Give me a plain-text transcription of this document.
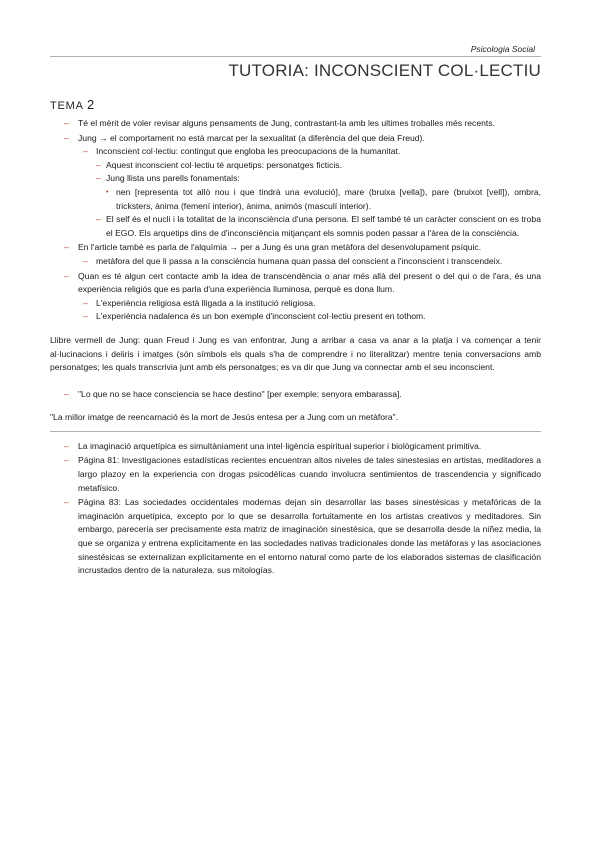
Psicologia Social
TUTORIA: INCONSCIENT COL·LECTIU
TEMA 2
– Té el mèrit de voler revisar alguns pensaments de Jung, contrastant-la amb les ultimes troballes més recents.
– Jung → el comportament no està marcat per la sexualitat (a diferència del que deia Freud).
– Inconscient col·lectiu: contingut que engloba les preocupacions de la humanitat.
– Aquest inconscient col·lectiu té arquetips: personatges ficticis.
– Jung llista uns parells fonamentals:
• nen [representa tot allò nou i que tindrà una evolució], mare (bruixa [vella]), pare (bruixot [vell]), ombra, tricksters, ànima (femení interior), ànima, animós (masculí interior).
– El self és el nucli i la totalitat de la inconsciència d'una persona. El self també té un caràcter conscient on es troba el EGO. Els arquetips dins de d'inconsciència mitjançant els somnis poden passar a l'àrea de la consciència.
– En l'article també es parla de l'alquímia → per a Jung és una gran metàfora del desenvolupament psíquic.
– metàfora del que li passa a la consciència humana quan passa del conscient a l'inconscient i transcendeix.
– Quan es té algun cert contacte amb la idea de transcendència o anar més allà del present o del qui o de l'ara, és una experiència religiós que es parla d'una experiència lluminosa, perquè es dona llum.
– L'experiència religiosa està lligada a la institució religiosa.
– L'experiència nadalenca és un bon exemple d'inconscient col·lectiu present en tothom.

Llibre vermell de Jung: quan Freud i Jung es van enfontrar, Jung a arribar a casa va anar a la platja i va començar a tenir al·lucinacions i deliris i imatges (són símbols els quals s'ha de comprendre i no literalitzar) mentre tenia conversacions amb personatges; les quals transcrivia junt amb els personatges; es va dir que Jung va connectar amb el seu inconscient.

– "Lo que no se hace consciencia se hace destino" [per exemple: senyora embarassa].

"La millor imatge de reencarnació és la mort de Jesús entesa per a Jung com un metàfora".

– La imaginació arquetípica es simultàniament una intel·ligència espiritual superior i biològicament primitiva.
– Página 81: Investigaciones estadísticas recientes encuentran altos niveles de tales sinestesias en artistas, meditadores a largo plazoy en la experiencia con drogas psicodélicas cuando involucra sentimientos de trascendencia y significado metafísico.
– Página 83: Las sociedades occidentales modernas dejan sin desarrollar las bases sinestésicas y metafóricas de la imaginación arquetípica, excepto por lo que se desarrolla fortuitamente en los artistas creativos y meditadores. Sin embargo, parecería ser precisamente esta matriz de imaginación sinestésica, que se desarrolla desde la niñez media, la que se organiza y entrena explícitamente en las sociedades nativas tradicionales donde las metáforas y las asociaciones sinestésicas se externalizan explícitamente en el entorno natural como parte de los elaborados sistemas de clasificación incrustados dentro de la naturaleza. sus mitologías.
